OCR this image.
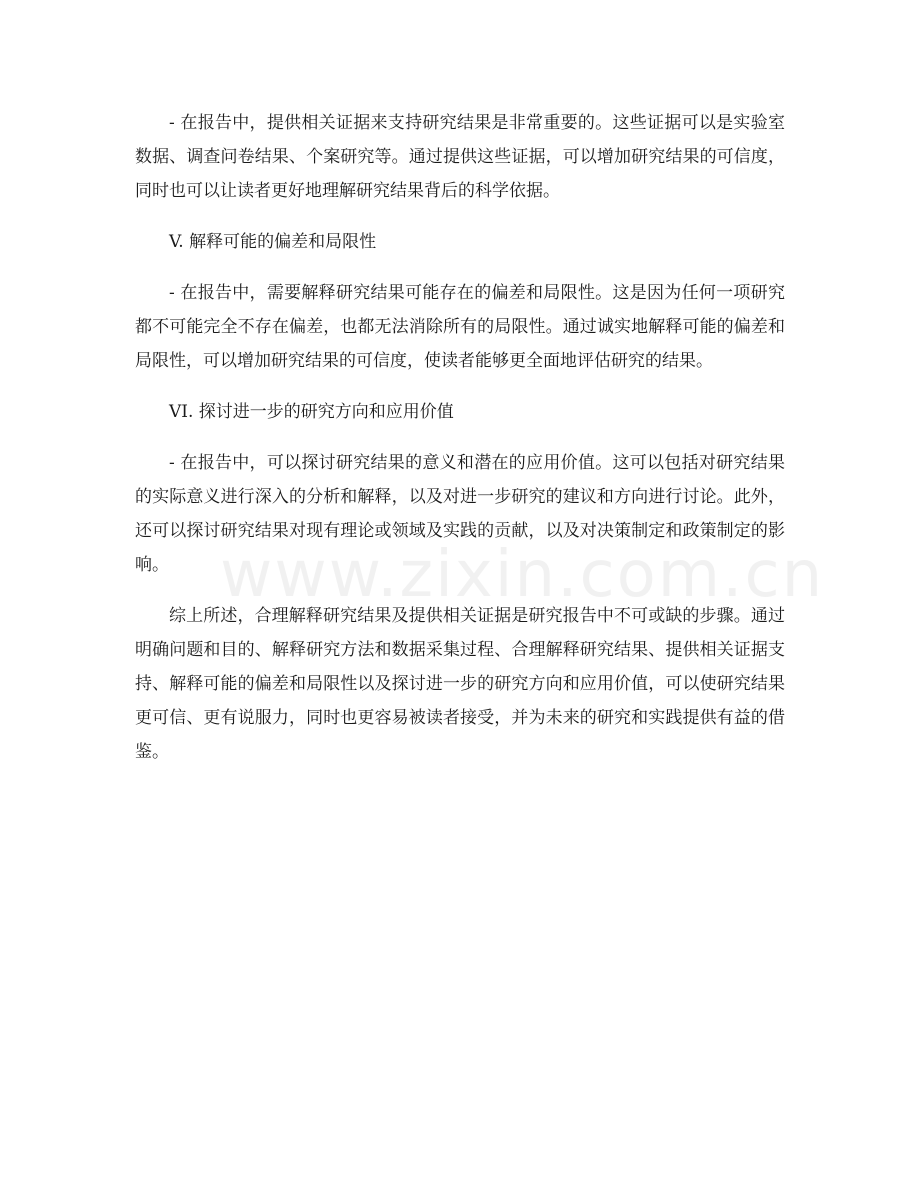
- 在报告中，提供相关证据来支持研究结果是非常重要的。这些证据可以是实验室数据、调查问卷结果、个案研究等。通过提供这些证据，可以增加研究结果的可信度，同时也可以让读者更好地理解研究结果背后的科学依据。

V. 解释可能的偏差和局限性

- 在报告中，需要解释研究结果可能存在的偏差和局限性。这是因为任何一项研究都不可能完全不存在偏差，也都无法消除所有的局限性。通过诚实地解释可能的偏差和局限性，可以增加研究结果的可信度，使读者能够更全面地评估研究的结果。

VI. 探讨进一步的研究方向和应用价值

- 在报告中，可以探讨研究结果的意义和潜在的应用价值。这可以包括对研究结果的实际意义进行深入的分析和解释，以及对进一步研究的建议和方向进行讨论。此外，还可以探讨研究结果对现有理论或领域及实践的贡献，以及对决策制定和政策制定的影响。

综上所述，合理解释研究结果及提供相关证据是研究报告中不可或缺的步骤。通过明确问题和目的、解释研究方法和数据采集过程、合理解释研究结果、提供相关证据支持、解释可能的偏差和局限性以及探讨进一步的研究方向和应用价值，可以使研究结果更可信、更有说服力，同时也更容易被读者接受，并为未来的研究和实践提供有益的借鉴。

www.zixin.com.cn
